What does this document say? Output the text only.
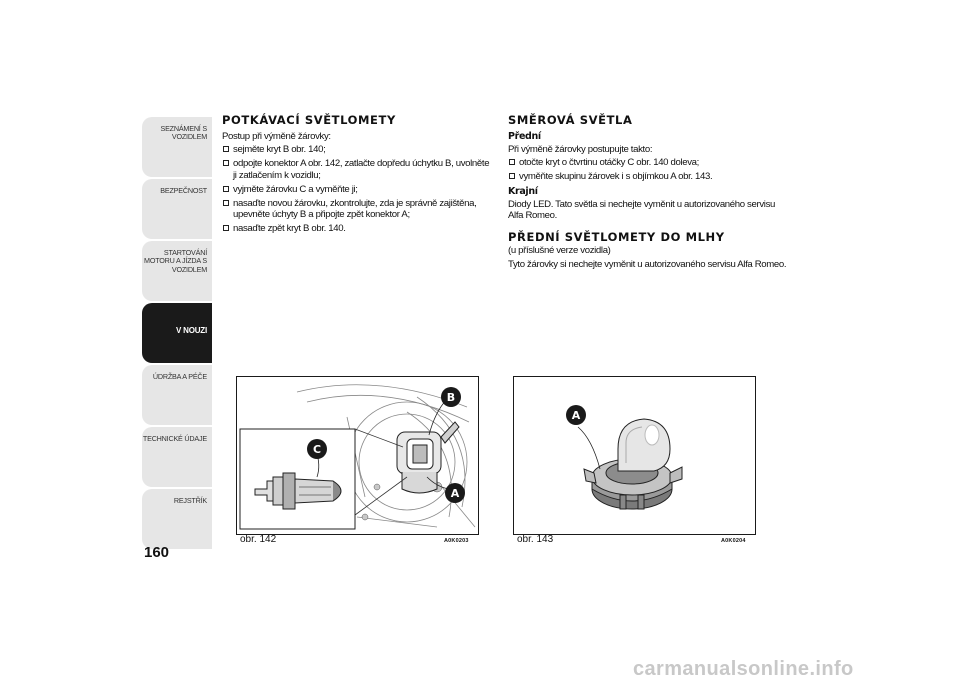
SEZNÁMENÍ S VOZIDLEM
BEZPEČNOST
STARTOVÁNÍ MOTORU A JÍZDA S VOZIDLEM
V NOUZI
ÚDRŽBA A PÉČE
TECHNICKÉ ÚDAJE
REJSTŘÍK
160
POTKÁVACÍ SVĚTLOMETY

Postup při výměně žárovky:

sejměte kryt B obr. 140;
odpojte konektor A obr. 142, zatlačte dopředu úchytku B, uvolněte ji zatlačením k vozidlu;
vyjměte žárovku C a vyměňte ji;
nasaďte novou žárovku, zkontrolujte, zda je správně zajištěna, upevněte úchyty B a připojte zpět konektor A;
nasaďte zpět kryt B obr. 140.
SMĚROVÁ SVĚTLA
Přední

Při výměně žárovky postupujte takto:

otočte kryt o čtvrtinu otáčky C obr. 140 doleva;
vyměňte skupinu žárovek i s objímkou A obr. 143.
Krajní

Diody LED. Tato světla si nechejte vyměnit u autorizovaného servisu Alfa Romeo.

PŘEDNÍ SVĚTLOMETY DO MLHY

(u příslušné verze vozidla)

Tyto žárovky si nechejte vyměnit u autorizovaného servisu Alfa Romeo.

B
C
A
obr. 142	A0K0203
A
obr. 143	A0K0204
carmanualsonline.info
